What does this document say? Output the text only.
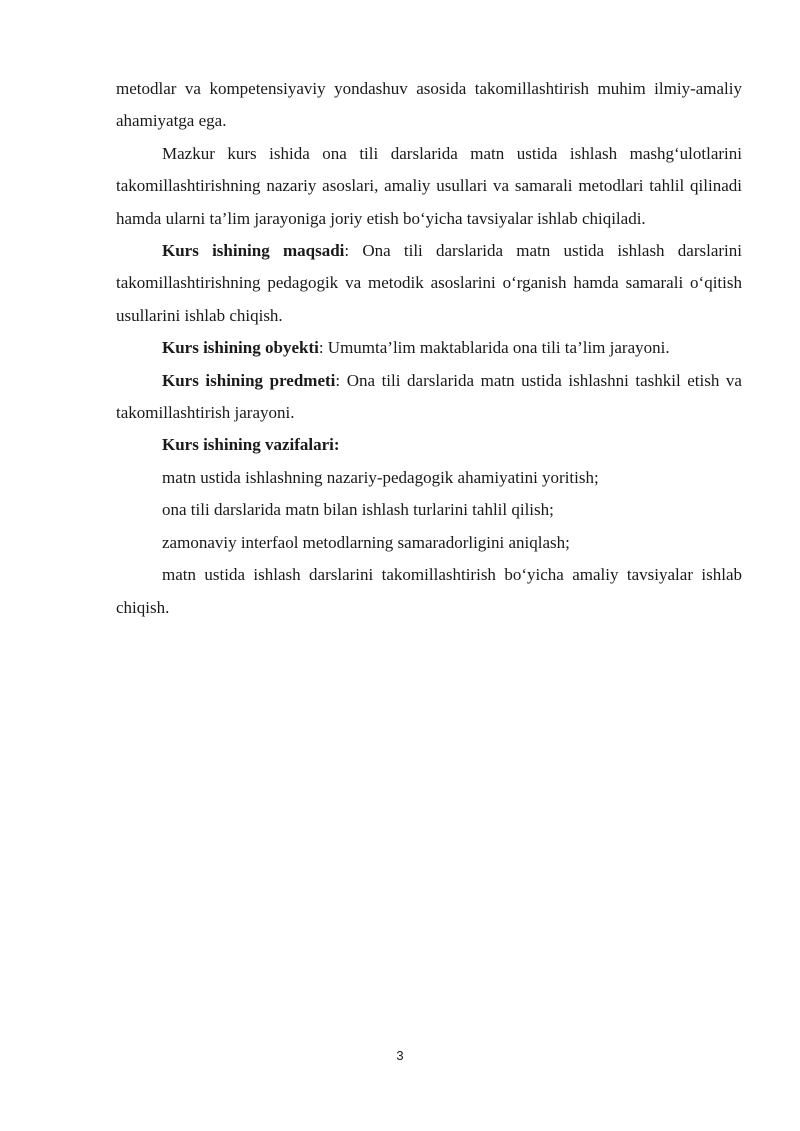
metodlar va kompetensiyaviy yondashuv asosida takomillashtirish muhim ilmiy-amaliy ahamiyatga ega.

Mazkur kurs ishida ona tili darslarida matn ustida ishlash mashg‘ulotlarini takomillashtirishning nazariy asoslari, amaliy usullari va samarali metodlari tahlil qilinadi hamda ularni ta’lim jarayoniga joriy etish bo‘yicha tavsiyalar ishlab chiqiladi.

Kurs ishining maqsadi: Ona tili darslarida matn ustida ishlash darslarini takomillashtirishning pedagogik va metodik asoslarini o‘rganish hamda samarali o‘qitish usullarini ishlab chiqish.

Kurs ishining obyekti: Umumta’lim maktablarida ona tili ta’lim jarayoni.

Kurs ishining predmeti: Ona tili darslarida matn ustida ishlashni tashkil etish va takomillashtirish jarayoni.

Kurs ishining vazifalari:

matn ustida ishlashning nazariy-pedagogik ahamiyatini yoritish;

ona tili darslarida matn bilan ishlash turlarini tahlil qilish;

zamonaviy interfaol metodlarning samaradorligini aniqlash;

matn ustida ishlash darslarini takomillashtirish bo‘yicha amaliy tavsiyalar ishlab chiqish.

3
